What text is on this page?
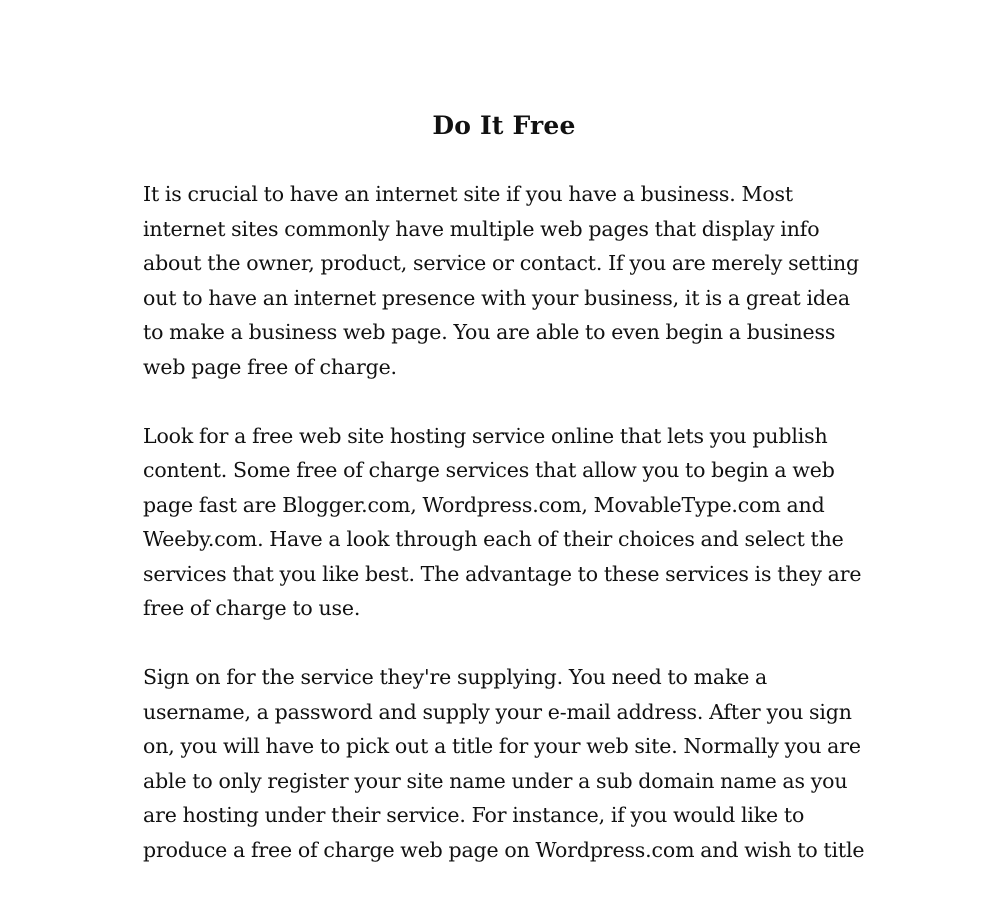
Do It Free

It is crucial to have an internet site if you have a business. Most internet sites commonly have multiple web pages that display info about the owner, product, service or contact. If you are merely setting out to have an internet presence with your business, it is a great idea to make a business web page. You are able to even begin a business web page free of charge.

Look for a free web site hosting service online that lets you publish content. Some free of charge services that allow you to begin a web page fast are Blogger.com, Wordpress.com, MovableType.com and Weeby.com. Have a look through each of their choices and select the services that you like best. The advantage to these services is they are free of charge to use.

Sign on for the service they're supplying. You need to make a username, a password and supply your e-mail address. After you sign on, you will have to pick out a title for your web site. Normally you are able to only register your site name under a sub domain name as you are hosting under their service. For instance, if you would like to produce a free of charge web page on Wordpress.com and wish to title
